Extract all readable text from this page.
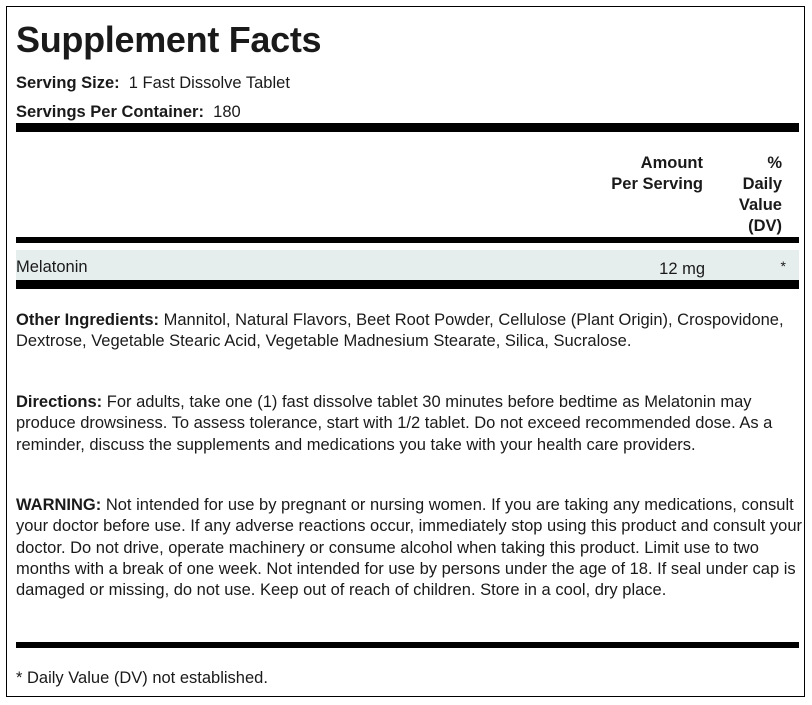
Supplement Facts
Serving Size: 1 Fast Dissolve Tablet
Servings Per Container: 180
Amount
Per Serving
%
Daily
Value
(DV)
Melatonin	12 mg	*
Other Ingredients: Mannitol, Natural Flavors, Beet Root Powder, Cellulose (Plant Origin), Crospovidone, Dextrose, Vegetable Stearic Acid, Vegetable Madnesium Stearate, Silica, Sucralose.
Directions: For adults, take one (1) fast dissolve tablet 30 minutes before bedtime as Melatonin may produce drowsiness. To assess tolerance, start with 1/2 tablet. Do not exceed recommended dose. As a reminder, discuss the supplements and medications you take with your health care providers.
WARNING: Not intended for use by pregnant or nursing women. If you are taking any medications, consult your doctor before use. If any adverse reactions occur, immediately stop using this product and consult your doctor. Do not drive, operate machinery or consume alcohol when taking this product. Limit use to two months with a break of one week. Not intended for use by persons under the age of 18. If seal under cap is damaged or missing, do not use. Keep out of reach of children. Store in a cool, dry place.
* Daily Value (DV) not established.
